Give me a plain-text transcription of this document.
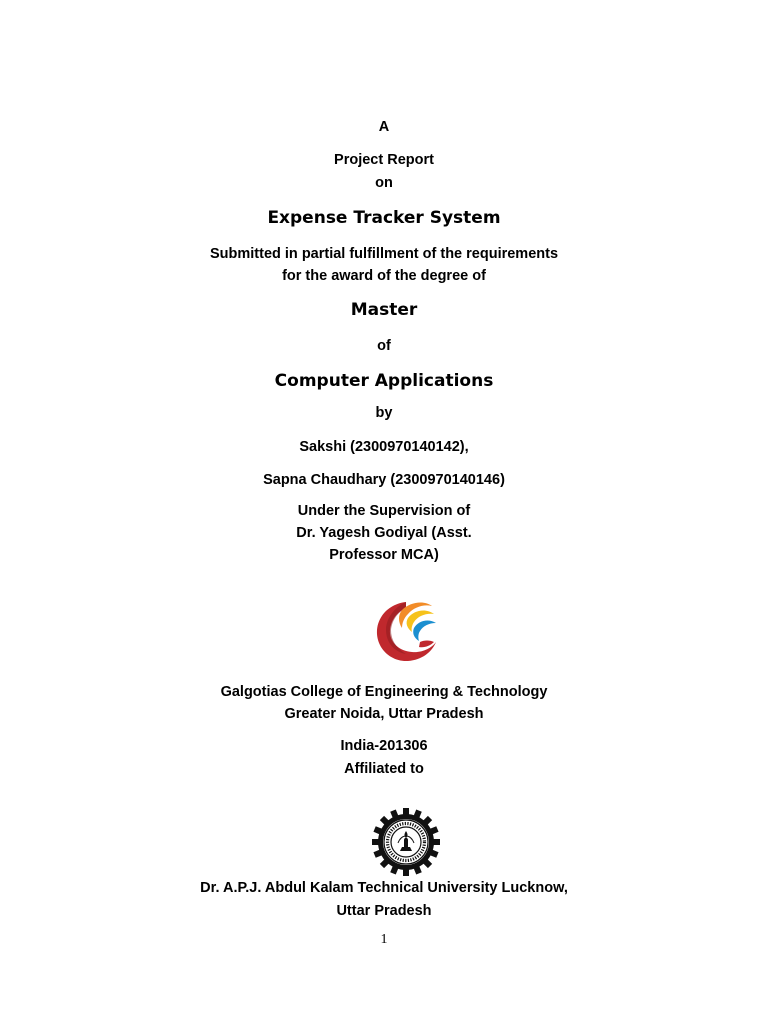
A

Project Report

on

Expense Tracker System

Submitted in partial fulfillment of the requirements

for the award of the degree of

Master

of

Computer Applications

by

Sakshi (2300970140142),

Sapna Chaudhary (2300970140146)

Under the Supervision of

Dr. Yagesh Godiyal (Asst.

Professor MCA)

Galgotias College of Engineering & Technology

Greater Noida, Uttar Pradesh

India-201306

Affiliated to

Dr. A.P.J. Abdul Kalam Technical University Lucknow,

Uttar Pradesh

1
